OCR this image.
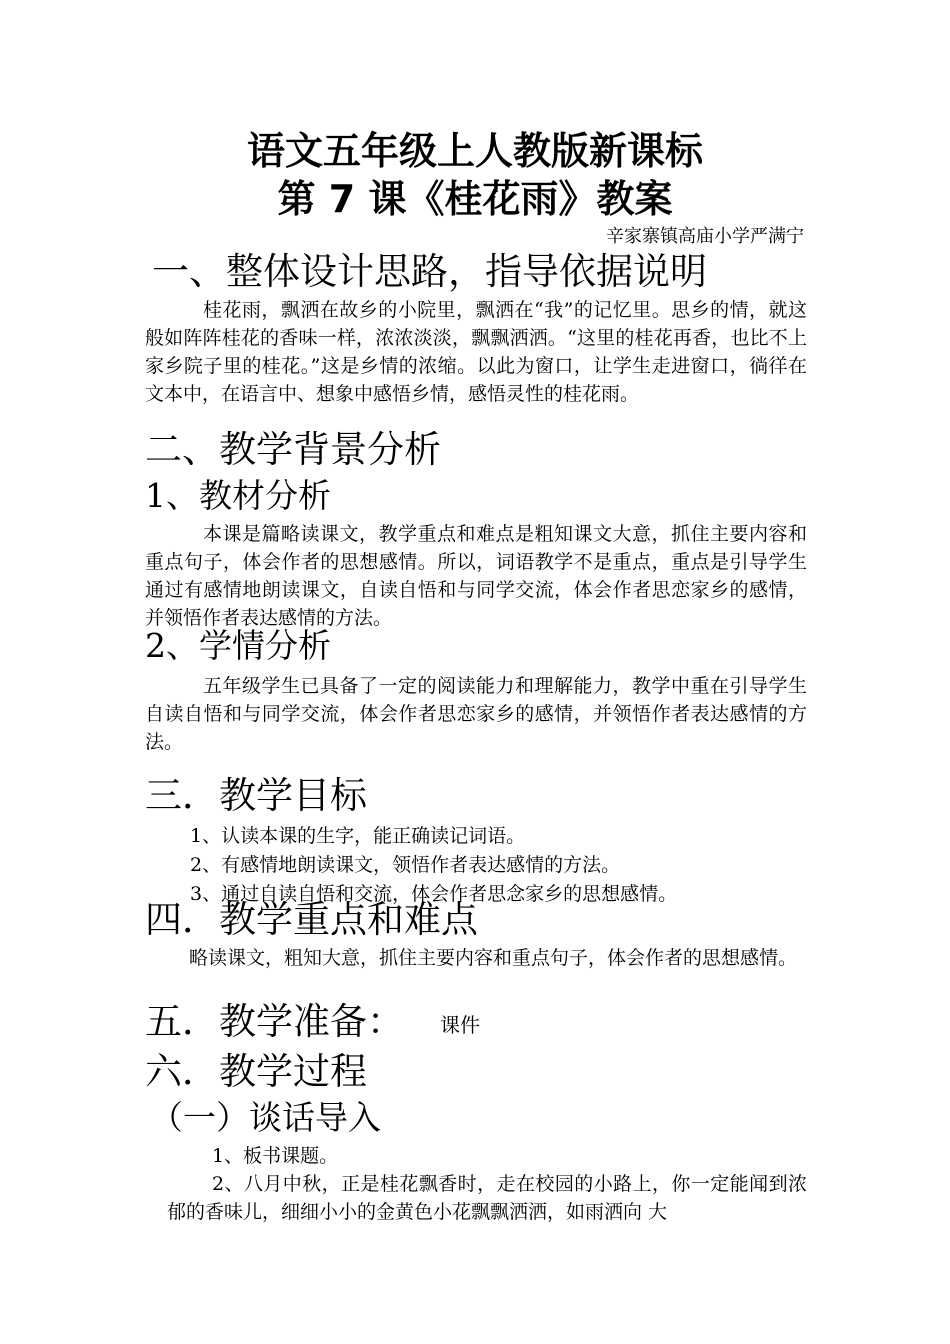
语文五年级上人教版新课标
第 7 课《桂花雨》教案
辛家寨镇高庙小学严满宁
一、整体设计思路，指导依据说明

桂花雨，飘洒在故乡的小院里，飘洒在“我”的记忆里。思乡的情，就这般如阵阵桂花的香味一样，浓浓淡淡，飘飘洒洒。“这里的桂花再香，也比不上家乡院子里的桂花。”这是乡情的浓缩。以此为窗口，让学生走进窗口，徜徉在文本中，在语言中、想象中感悟乡情，感悟灵性的桂花雨。

二、教学背景分析
1、教材分析

本课是篇略读课文，教学重点和难点是粗知课文大意，抓住主要内容和重点句子，体会作者的思想感情。所以，词语教学不是重点，重点是引导学生通过有感情地朗读课文，自读自悟和与同学交流，体会作者思恋家乡的感情，并领悟作者表达感情的方法。

2、学情分析

五年级学生已具备了一定的阅读能力和理解能力，教学中重在引导学生自读自悟和与同学交流，体会作者思恋家乡的感情，并领悟作者表达感情的方法。

三．教学目标
1、认读本课的生字，能正确读记词语。
2、有感情地朗读课文，领悟作者表达感情的方法。
3、通过自读自悟和交流，体会作者思念家乡的思想感情。
四．教学重点和难点

略读课文，粗知大意，抓住主要内容和重点句子，体会作者的思想感情。

五．教学准备： 课件
六．教学过程
（一）谈话导入

1、板书课题。

2、八月中秋，正是桂花飘香时，走在校园的小路上，你一定能闻到浓郁的香味儿，细细小小的金黄色小花飘飘洒洒，如雨洒向 大
